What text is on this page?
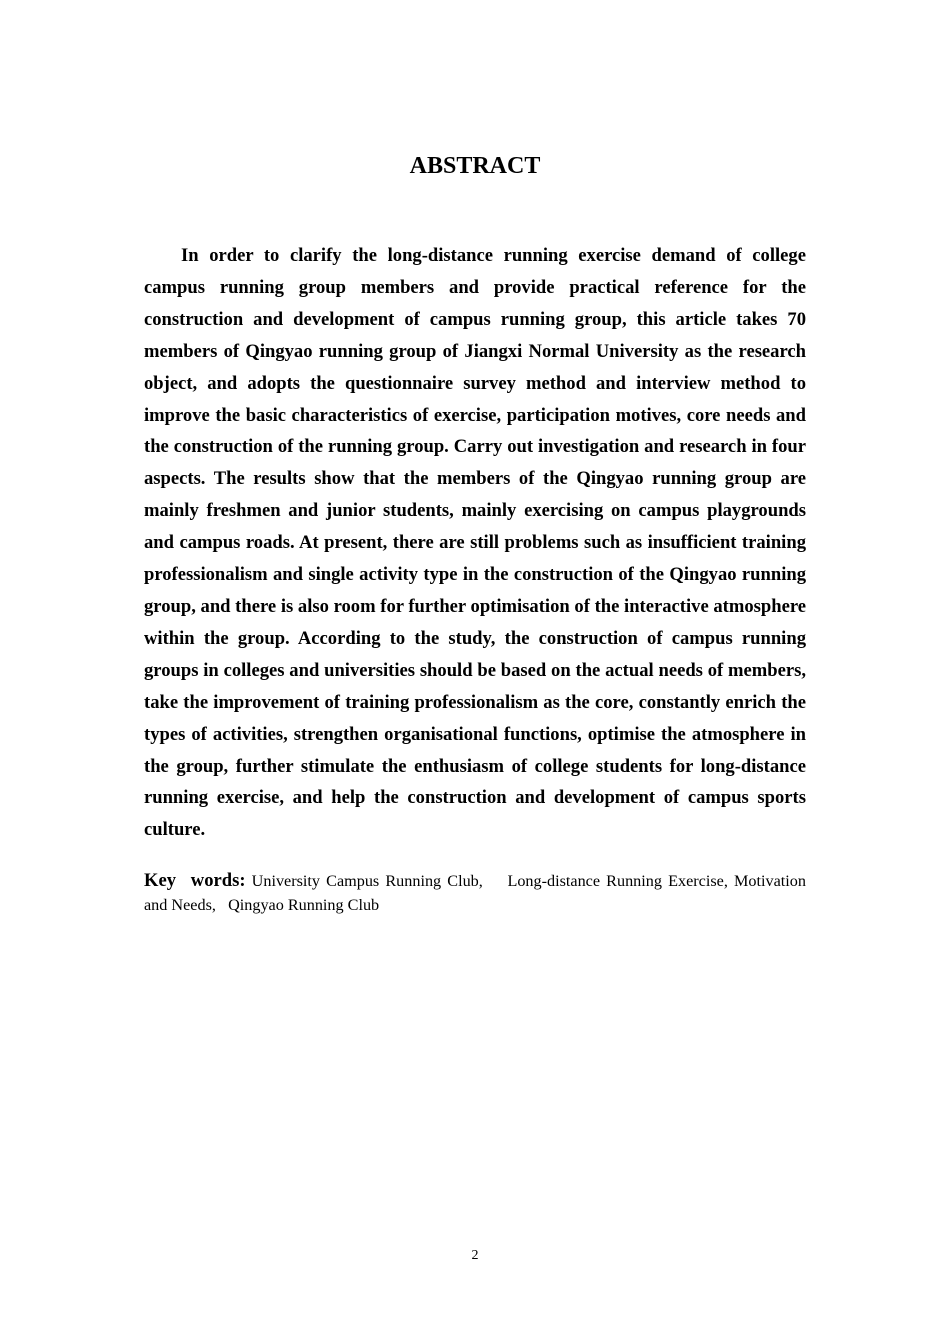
ABSTRACT

In order to clarify the long-distance running exercise demand of college campus running group members and provide practical reference for the construction and development of campus running group, this article takes 70 members of Qingyao running group of Jiangxi Normal University as the research object, and adopts the questionnaire survey method and interview method to improve the basic characteristics of exercise, participation motives, core needs and the construction of the running group. Carry out investigation and research in four aspects. The results show that the members of the Qingyao running group are mainly freshmen and junior students, mainly exercising on campus playgrounds and campus roads. At present, there are still problems such as insufficient training professionalism and single activity type in the construction of the Qingyao running group, and there is also room for further optimisation of the interactive atmosphere within the group. According to the study, the construction of campus running groups in colleges and universities should be based on the actual needs of members, take the improvement of training professionalism as the core, constantly enrich the types of activities, strengthen organisational functions, optimise the atmosphere in the group, further stimulate the enthusiasm of college students for long-distance running exercise, and help the construction and development of campus sports culture.

Key words: University Campus Running Club, Long-distance Running Exercise, Motivation and Needs, Qingyao Running Club

2
